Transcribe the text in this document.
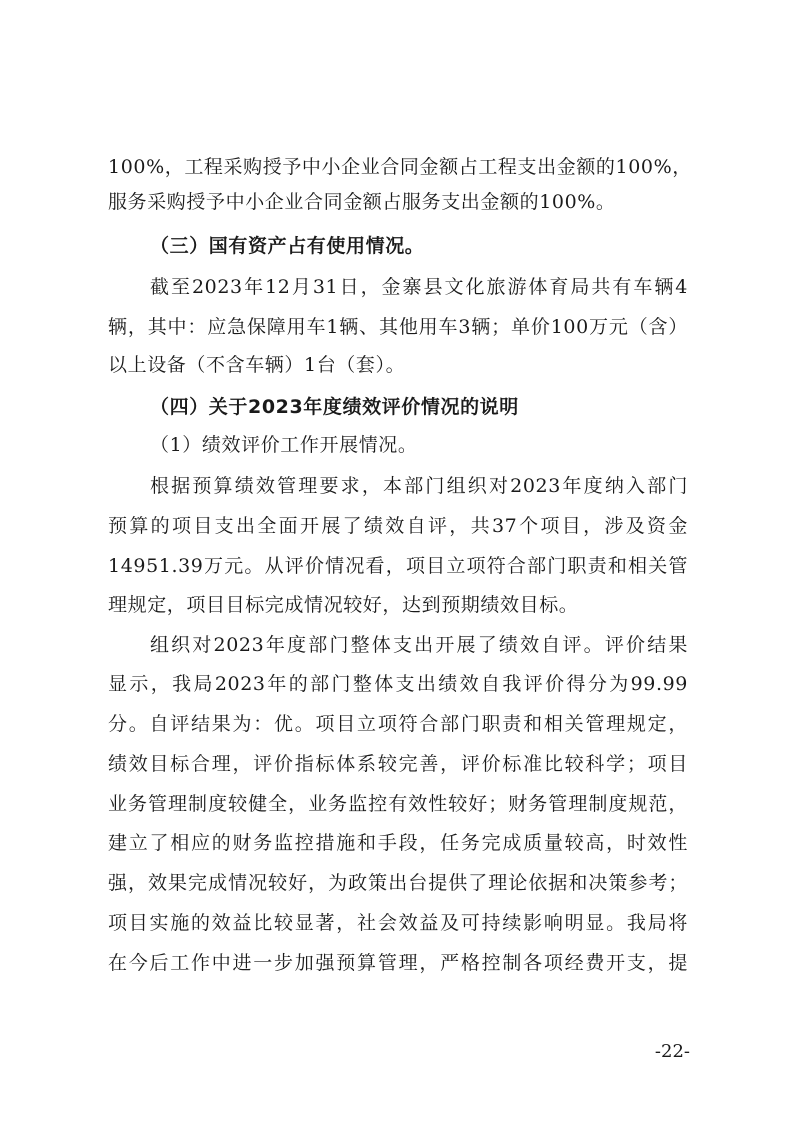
100%，工程采购授予中小企业合同金额占工程支出金额的100%，
服务采购授予中小企业合同金额占服务支出金额的100%。
（三）国有资产占有使用情况。
截至2023年12月31日，金寨县文化旅游体育局共有车辆4
辆，其中：应急保障用车1辆、其他用车3辆；单价100万元（含）
以上设备（不含车辆）1台（套）。
（四）关于2023年度绩效评价情况的说明
（1）绩效评价工作开展情况。
根据预算绩效管理要求，本部门组织对2023年度纳入部门
预算的项目支出全面开展了绩效自评，共37个项目，涉及资金
14951.39万元。从评价情况看，项目立项符合部门职责和相关管
理规定，项目目标完成情况较好，达到预期绩效目标。
组织对2023年度部门整体支出开展了绩效自评。评价结果
显示，我局2023年的部门整体支出绩效自我评价得分为99.99
分。自评结果为：优。项目立项符合部门职责和相关管理规定，
绩效目标合理，评价指标体系较完善，评价标准比较科学；项目
业务管理制度较健全，业务监控有效性较好；财务管理制度规范，
建立了相应的财务监控措施和手段，任务完成质量较高，时效性
强，效果完成情况较好，为政策出台提供了理论依据和决策参考；
项目实施的效益比较显著，社会效益及可持续影响明显。我局将
在今后工作中进一步加强预算管理，严格控制各项经费开支，提
-22-
